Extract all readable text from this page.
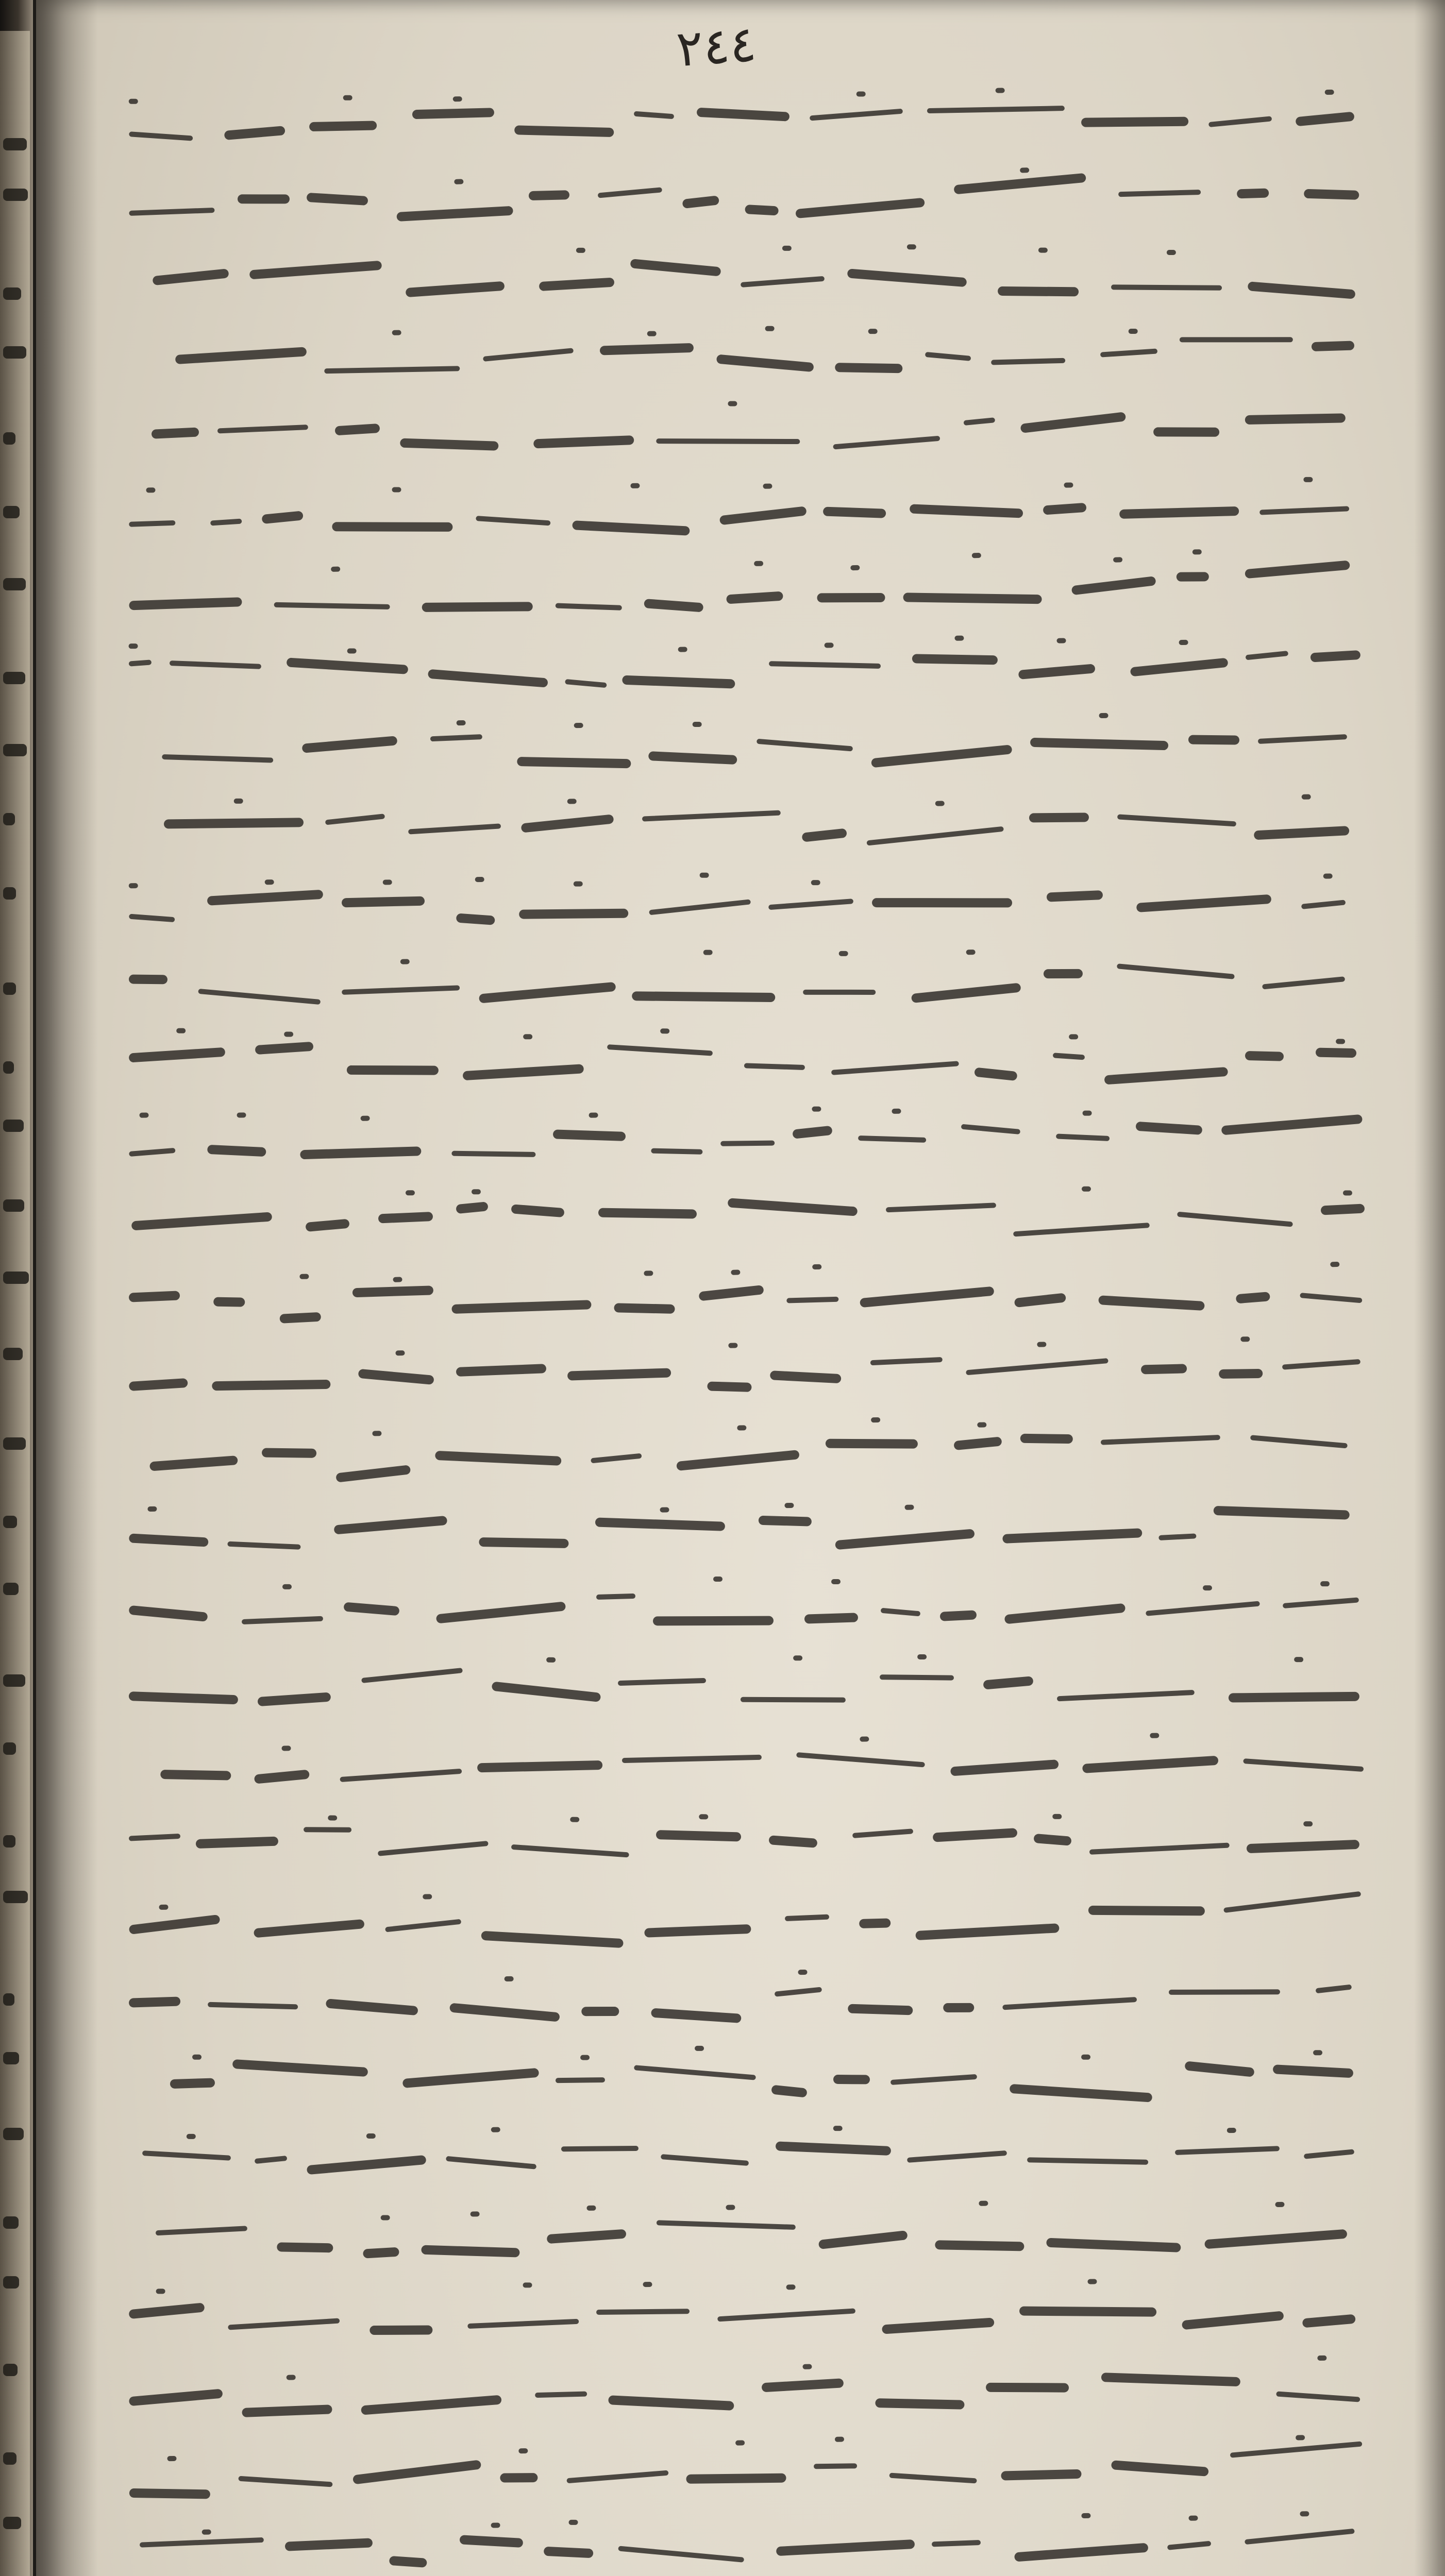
٢٤٤
